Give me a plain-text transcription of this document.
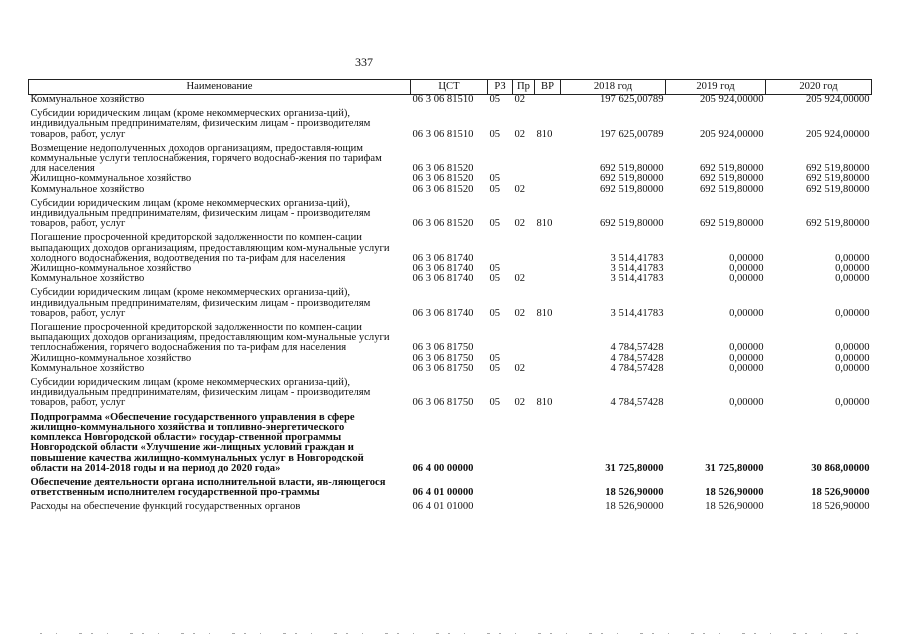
337
Наименование	ЦСТ	РЗ	Пр	ВР	2018 год	2019 год	2020 год
Коммунальное хозяйство	06 3 06 81510	05	02		197 625,00789	205 924,00000	205 924,00000
Субсидии юридическим лицам (кроме некоммерческих организа-ций), индивидуальным предпринимателям, физическим лицам - производителям товаров, работ, услуг	06 3 06 81510	05	02	810	197 625,00789	205 924,00000	205 924,00000
Возмещение недополученных доходов организациям, предоставля-ющим коммунальные услуги теплоснабжения, горячего водоснаб-жения по тарифам для населения	06 3 06 81520				692 519,80000	692 519,80000	692 519,80000
Жилищно-коммунальное хозяйство	06 3 06 81520	05			692 519,80000	692 519,80000	692 519,80000
Коммунальное хозяйство	06 3 06 81520	05	02		692 519,80000	692 519,80000	692 519,80000
Субсидии юридическим лицам (кроме некоммерческих организа-ций), индивидуальным предпринимателям, физическим лицам - производителям товаров, работ, услуг	06 3 06 81520	05	02	810	692 519,80000	692 519,80000	692 519,80000
Погашение просроченной кредиторской задолженности по компен-сации выпадающих доходов организациям, предоставляющим ком-мунальные услуги холодного водоснабжения, водоотведения по та-рифам для населения	06 3 06 81740				3 514,41783	0,00000	0,00000
Жилищно-коммунальное хозяйство	06 3 06 81740	05			3 514,41783	0,00000	0,00000
Коммунальное хозяйство	06 3 06 81740	05	02		3 514,41783	0,00000	0,00000
Субсидии юридическим лицам (кроме некоммерческих организа-ций), индивидуальным предпринимателям, физическим лицам - производителям товаров, работ, услуг	06 3 06 81740	05	02	810	3 514,41783	0,00000	0,00000
Погашение просроченной кредиторской задолженности по компен-сации выпадающих доходов организациям, предоставляющим ком-мунальные услуги теплоснабжения, горячего водоснабжения по та-рифам для населения	06 3 06 81750				4 784,57428	0,00000	0,00000
Жилищно-коммунальное хозяйство	06 3 06 81750	05			4 784,57428	0,00000	0,00000
Коммунальное хозяйство	06 3 06 81750	05	02		4 784,57428	0,00000	0,00000
Субсидии юридическим лицам (кроме некоммерческих организа-ций), индивидуальным предпринимателям, физическим лицам - производителям товаров, работ, услуг	06 3 06 81750	05	02	810	4 784,57428	0,00000	0,00000
Подпрограмма «Обеспечение государственного управления в сфере жилищно-коммунального хозяйства и топливно-энергетического комплекса Новгородской области» государ-ственной программы Новгородской области «Улучшение жи-лищных условий граждан и повышение качества жилищно-коммунальных услуг в Новгородской области на 2014-2018 годы и на период до 2020 года»	06 4 00 00000				31 725,80000	31 725,80000	30 868,00000
Обеспечение деятельности органа исполнительной власти, яв-ляющегося ответственным исполнителем государственной про-граммы	06 4 01 00000				18 526,90000	18 526,90000	18 526,90000
Расходы на обеспечение функций государственных органов	06 4 01 01000				18 526,90000	18 526,90000	18 526,90000
